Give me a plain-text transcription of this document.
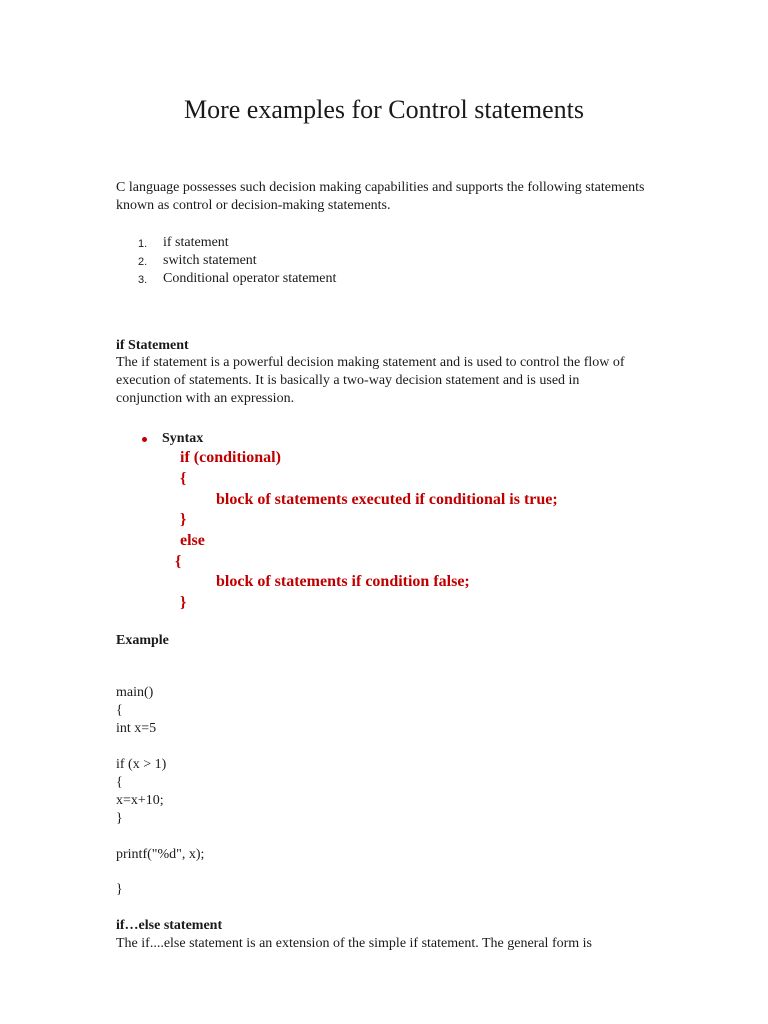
More examples for Control statements

C language possesses such decision making capabilities and supports the following statements known as control or decision-making statements.

1. if statement
2. switch statement
3. Conditional operator statement
if Statement

The if statement is a powerful decision making statement and is used to control the flow of execution of statements. It is basically a two-way decision statement and is used in conjunction with an expression.

Syntax
if (conditional)
{
block of statements executed if conditional is true;
}
else
{
block of statements if condition false;
}
Example
main()
{
int x=5
if (x > 1)
{
x=x+10;
}
printf("%d", x);
}
if…else statement
The if....else statement is an extension of the simple if statement. The general form is
